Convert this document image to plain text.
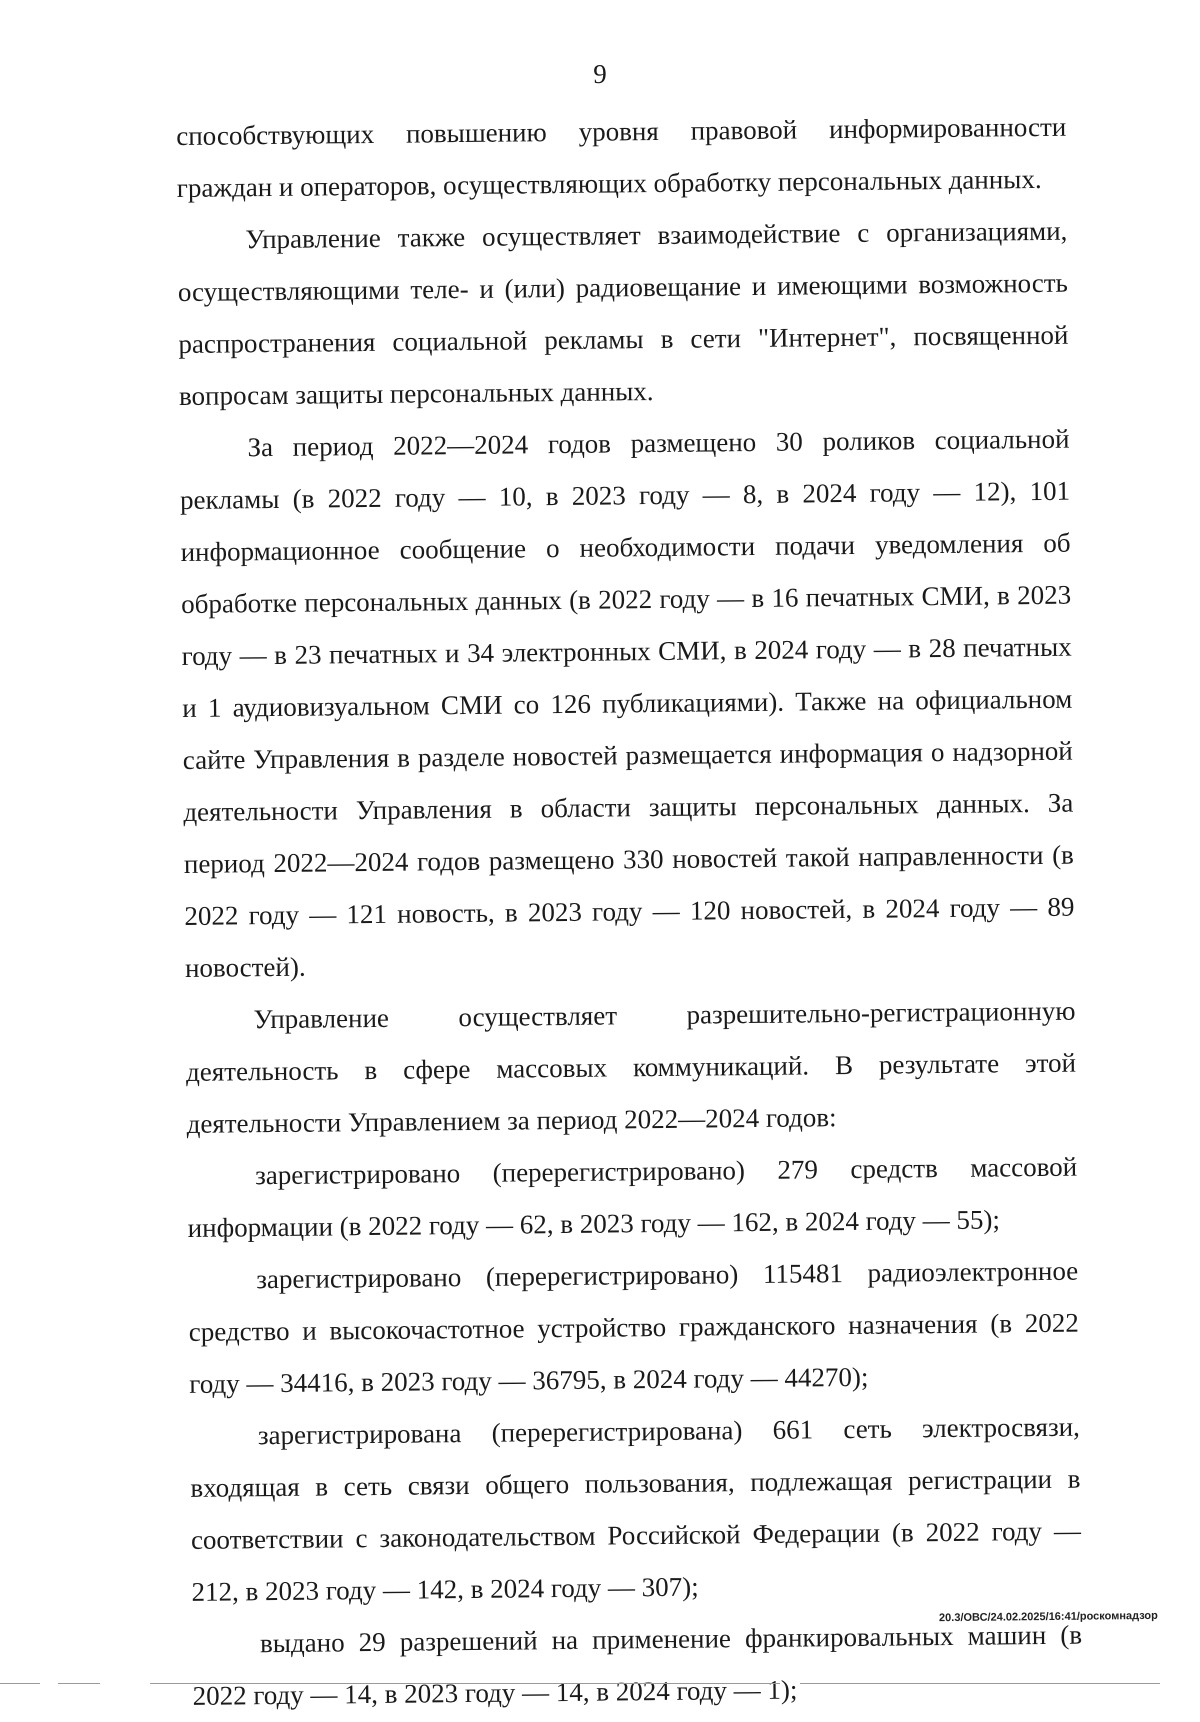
9

способствующих повышению уровня правовой информированности граждан и операторов, осуществляющих обработку персональных данных.

Управление также осуществляет взаимодействие с организациями, осуществляющими теле- и (или) радиовещание и имеющими возможность распространения социальной рекламы в сети "Интернет", посвященной вопросам защиты персональных данных.

За период 2022—2024 годов размещено 30 роликов социальной рекламы (в 2022 году — 10, в 2023 году — 8, в 2024 году — 12), 101 информационное сообщение о необходимости подачи уведомления об обработке персональных данных (в 2022 году — в 16 печатных СМИ, в 2023 году — в 23 печатных и 34 электронных СМИ, в 2024 году — в 28 печатных и 1 аудиовизуальном СМИ со 126 публикациями). Также на официальном сайте Управления в разделе новостей размещается информация о надзорной деятельности Управления в области защиты персональных данных. За период 2022—2024 годов размещено 330 новостей такой направленности (в 2022 году — 121 новость, в 2023 году — 120 новостей, в 2024 году — 89 новостей).

Управление осуществляет разрешительно-регистрационную деятельность в сфере массовых коммуникаций. В результате этой деятельности Управлением за период 2022—2024 годов:

зарегистрировано (перерегистрировано) 279 средств массовой информации (в 2022 году — 62, в 2023 году — 162, в 2024 году — 55);

зарегистрировано (перерегистрировано) 115481 радиоэлектронное средство и высокочастотное устройство гражданского назначения (в 2022 году — 34416, в 2023 году — 36795, в 2024 году — 44270);

зарегистрирована (перерегистрирована) 661 сеть электросвязи, входящая в сеть связи общего пользования, подлежащая регистрации в соответствии с законодательством Российской Федерации (в 2022 году — 212, в 2023 году — 142, в 2024 году — 307);

выдано 29 разрешений на применение франкировальных машин (в 2022 году — 14, в 2023 году — 14, в 2024 году — 1);

20.3/ОВС/24.02.2025/16:41/роскомнадзор
